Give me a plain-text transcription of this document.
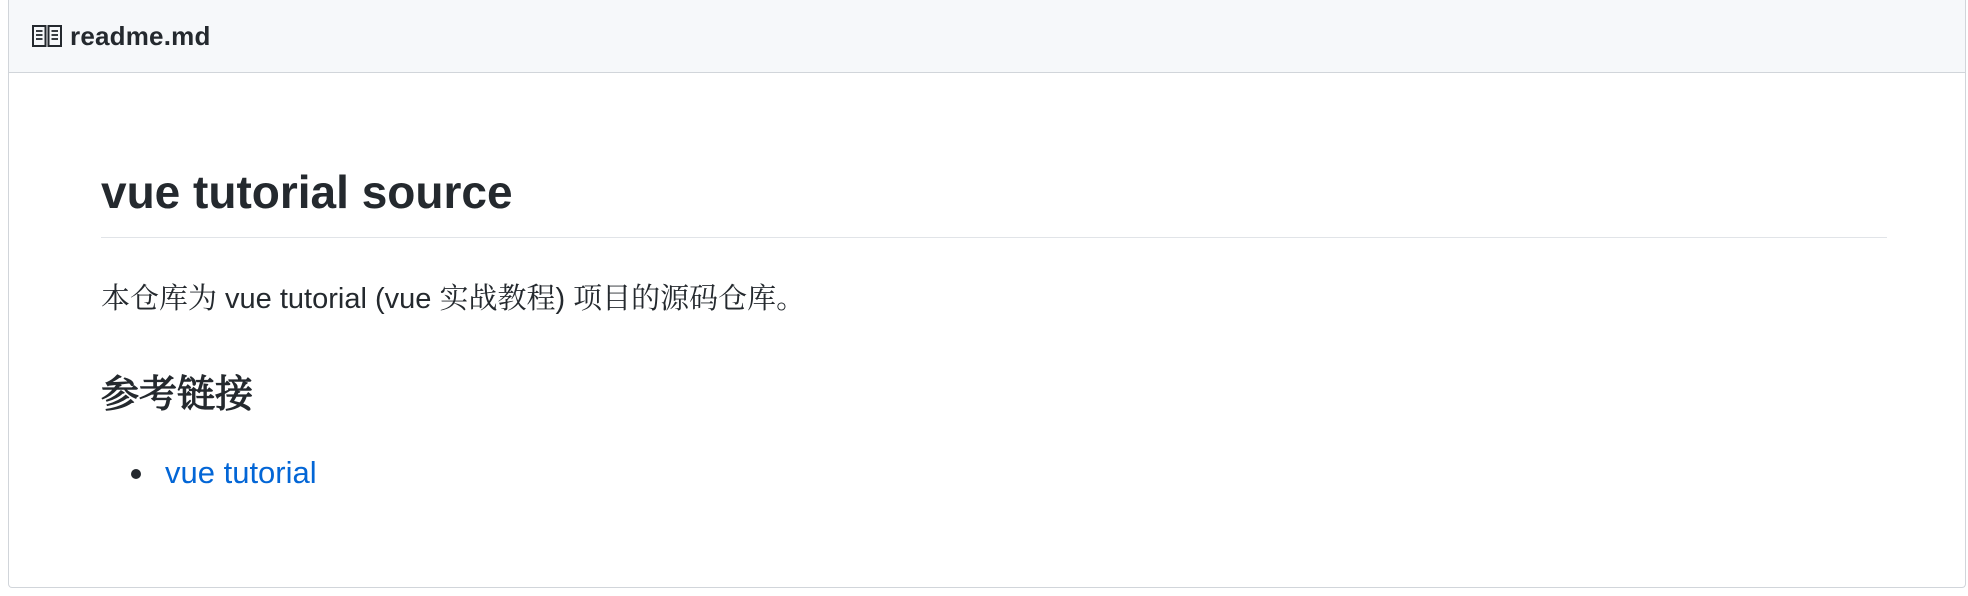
readme.md
vue tutorial source

本仓库为 vue tutorial (vue 实战教程) 项目的源码仓库。

参考链接
vue tutorial
